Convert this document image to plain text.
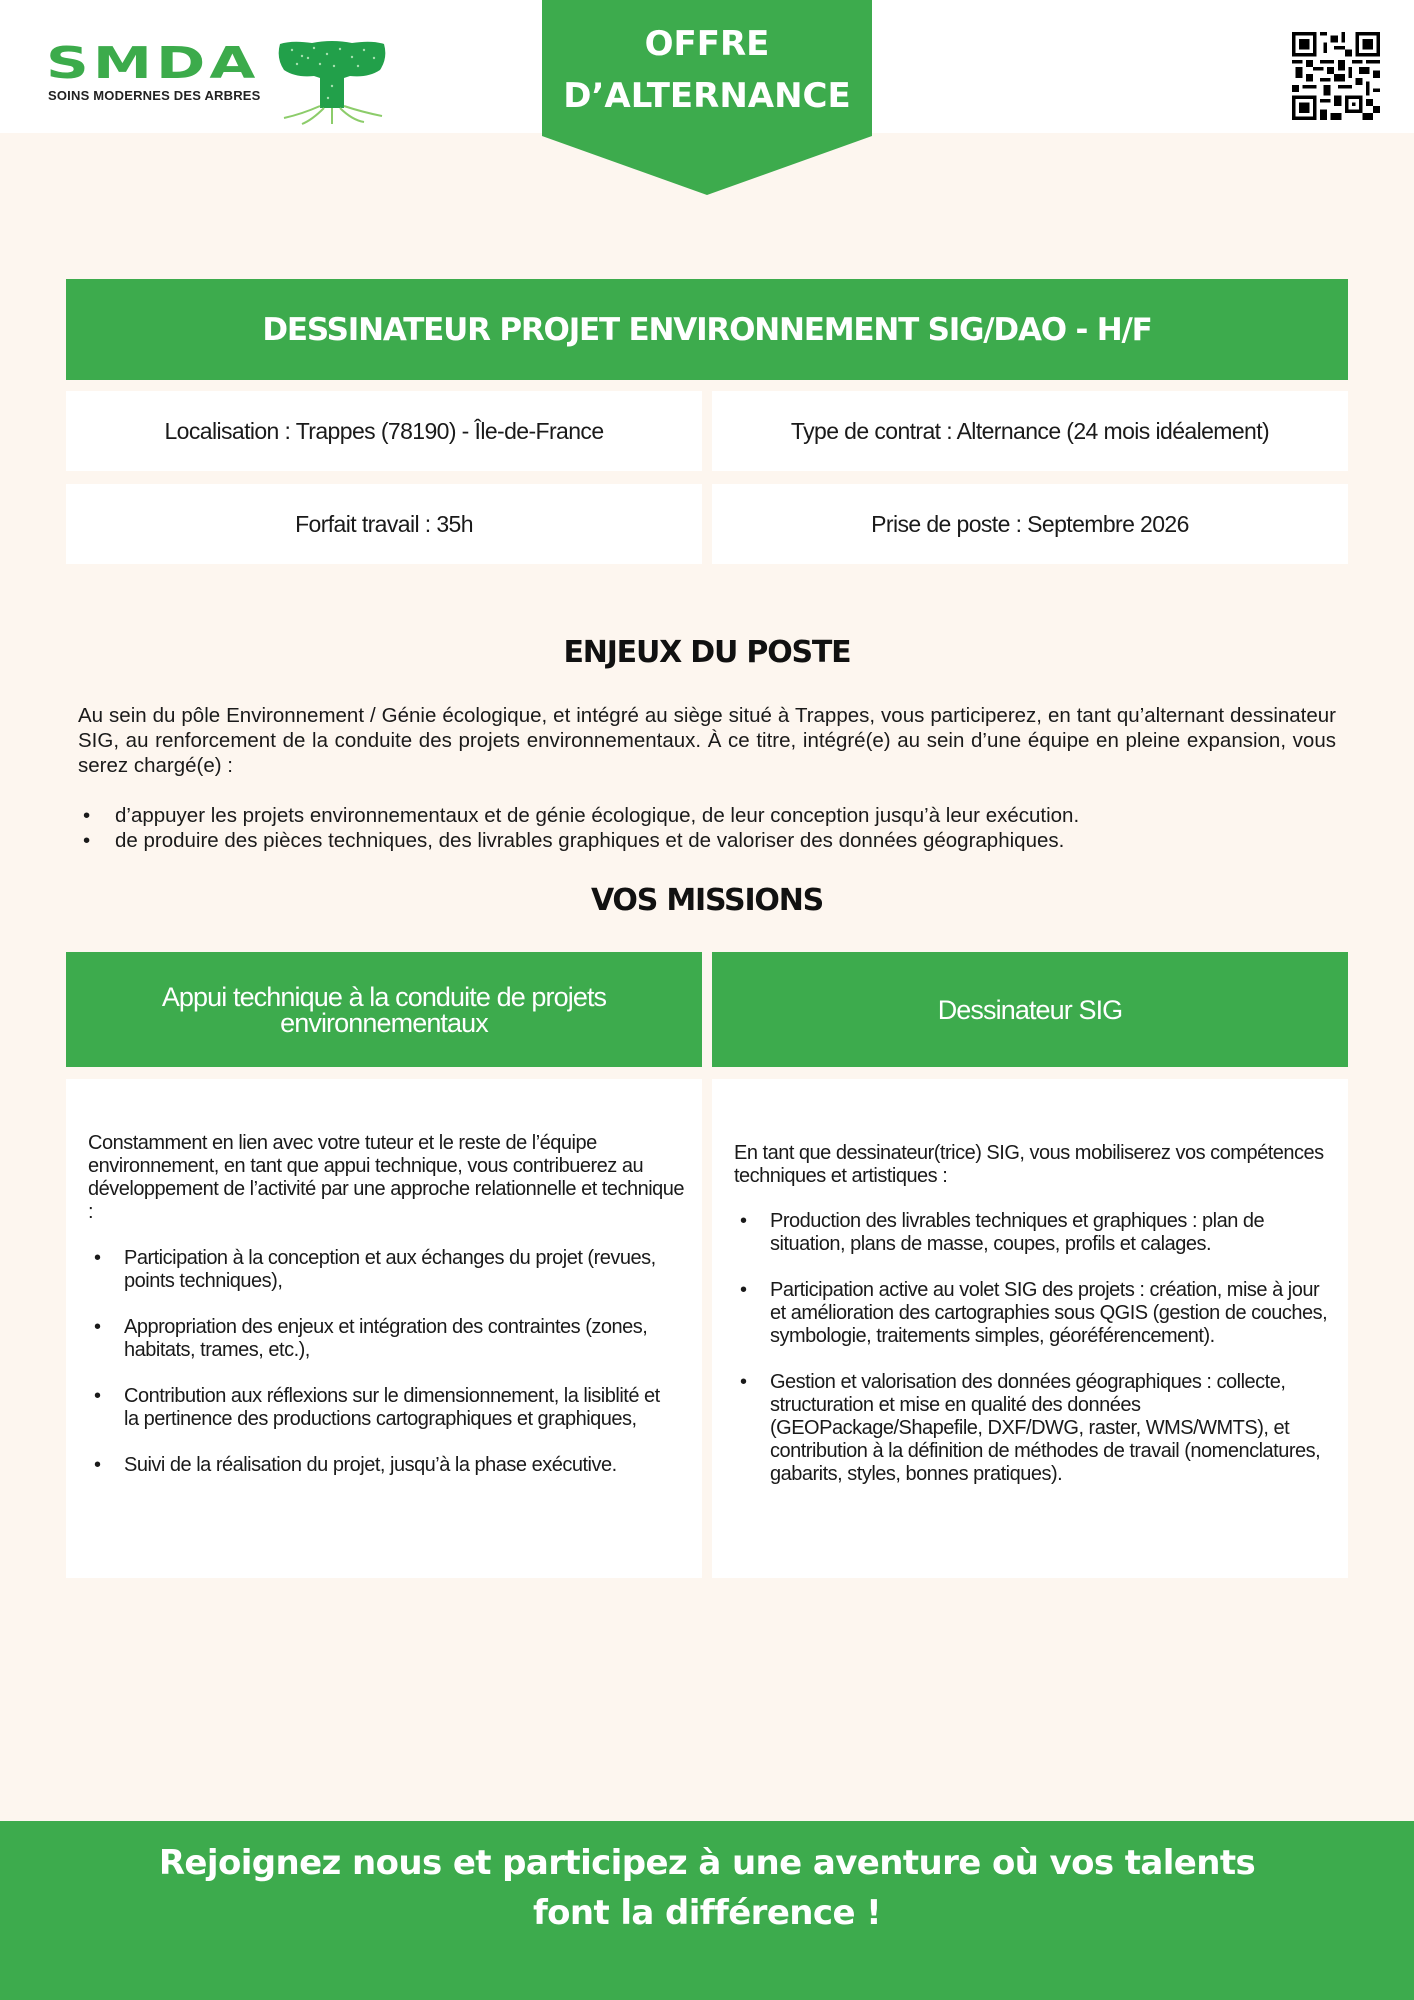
SMDA
SOINS MODERNES DES ARBRES
OFFRE
D’ALTERNANCE
DESSINATEUR PROJET ENVIRONNEMENT SIG/DAO - H/F
Localisation : Trappes (78190) - Île-de-France	Type de contrat : Alternance (24 mois idéalement)
Forfait travail : 35h	Prise de poste : Septembre 2026
ENJEUX DU POSTE

Au sein du pôle Environnement / Génie écologique, et intégré au siège situé à Trappes, vous participerez, en tant qu’alternant dessinateur SIG, au renforcement de la conduite des projets environnementaux. À ce titre, intégré(e) au sein d’une équipe en pleine expansion, vous serez chargé(e) :

• d’appuyer les projets environnementaux et de génie écologique, de leur conception jusqu’à leur exécution.
• de produire des pièces techniques, des livrables graphiques et de valoriser des données géographiques.
VOS MISSIONS
Appui technique à la conduite de projets environnementaux	Dessinateur SIG

Constamment en lien avec votre tuteur et le reste de l’équipe environnement, en tant que appui technique, vous contribuerez au développement de l’activité par une approche relationnelle et technique :

• Participation à la conception et aux échanges du projet (revues, points techniques),
• Appropriation des enjeux et intégration des contraintes (zones, habitats, trames, etc.),
• Contribution aux réflexions sur le dimensionnement, la lisiblité et la pertinence des productions cartographiques et graphiques,
• Suivi de la réalisation du projet, jusqu’à la phase exécutive.

En tant que dessinateur(trice) SIG, vous mobiliserez vos compétences techniques et artistiques :

• Production des livrables techniques et graphiques : plan de situation, plans de masse, coupes, profils et calages.
• Participation active au volet SIG des projets : création, mise à jour et amélioration des cartographies sous QGIS (gestion de couches, symbologie, traitements simples, géoréférencement).
• Gestion et valorisation des données géographiques : collecte, structuration et mise en qualité des données (GEOPackage/Shapefile, DXF/DWG, raster, WMS/WMTS), et contribution à la définition de méthodes de travail (nomenclatures, gabarits, styles, bonnes pratiques).
Rejoignez nous et participez à une aventure où vos talents
font la différence !
